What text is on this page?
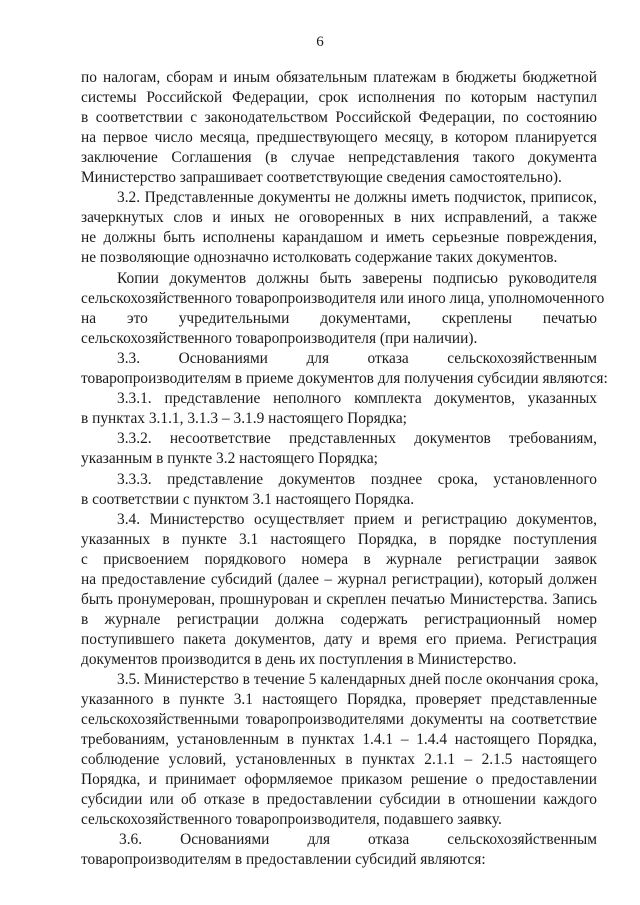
6
по налогам, сборам и иным обязательным платежам в бюджеты бюджетной
системы Российской Федерации, срок исполнения по которым наступил
в соответствии с законодательством Российской Федерации, по состоянию
на первое число месяца, предшествующего месяцу, в котором планируется
заключение Соглашения (в случае непредставления такого документа
Министерство запрашивает соответствующие сведения самостоятельно).
3.2. Представленные документы не должны иметь подчисток, приписок,
зачеркнутых слов и иных не оговоренных в них исправлений, а также
не должны быть исполнены карандашом и иметь серьезные повреждения,
не позволяющие однозначно истолковать содержание таких документов.
Копии документов должны быть заверены подписью руководителя
сельскохозяйственного товаропроизводителя или иного лица, уполномоченного
на это учредительными документами, скреплены печатью
сельскохозяйственного товаропроизводителя (при наличии).
3.3. Основаниями для отказа сельскохозяйственным
товаропроизводителям в приеме документов для получения субсидии являются:
3.3.1. представление неполного комплекта документов, указанных
в пунктах 3.1.1, 3.1.3 – 3.1.9 настоящего Порядка;
3.3.2. несоответствие представленных документов требованиям,
указанным в пункте 3.2 настоящего Порядка;
3.3.3. представление документов позднее срока, установленного
в соответствии с пунктом 3.1 настоящего Порядка.
3.4. Министерство осуществляет прием и регистрацию документов,
указанных в пункте 3.1 настоящего Порядка, в порядке поступления
с присвоением порядкового номера в журнале регистрации заявок
на предоставление субсидий (далее – журнал регистрации), который должен
быть пронумерован, прошнурован и скреплен печатью Министерства. Запись
в журнале регистрации должна содержать регистрационный номер
поступившего пакета документов, дату и время его приема. Регистрация
документов производится в день их поступления в Министерство.
3.5. Министерство в течение 5 календарных дней после окончания срока,
указанного в пункте 3.1 настоящего Порядка, проверяет представленные
сельскохозяйственными товаропроизводителями документы на соответствие
требованиям, установленным в пунктах 1.4.1 – 1.4.4 настоящего Порядка,
соблюдение условий, установленных в пунктах 2.1.1 – 2.1.5 настоящего
Порядка, и принимает оформляемое приказом решение о предоставлении
субсидии или об отказе в предоставлении субсидии в отношении каждого
сельскохозяйственного товаропроизводителя, подавшего заявку.
3.6. Основаниями для отказа сельскохозяйственным
товаропроизводителям в предоставлении субсидий являются:
